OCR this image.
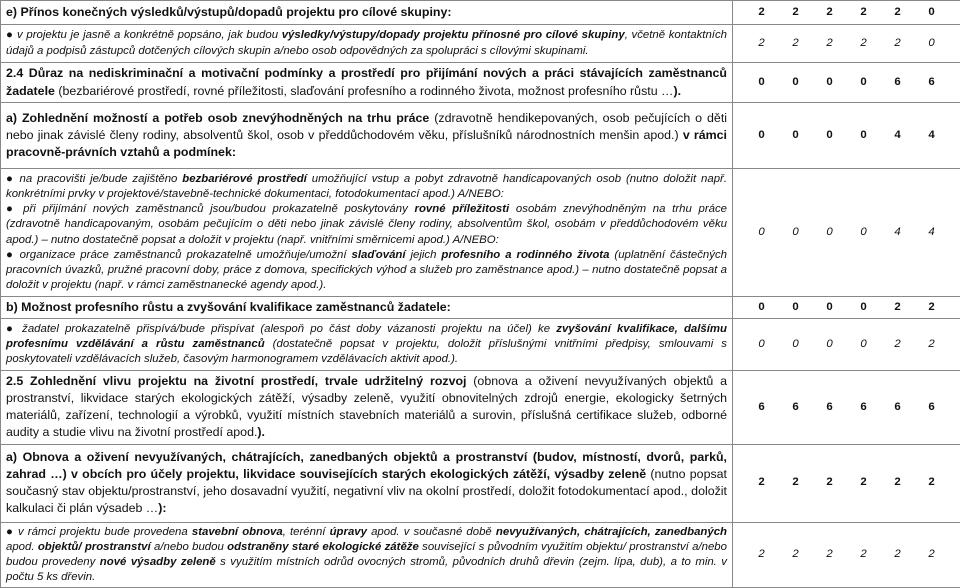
e) Přínos konečných výsledků/výstupů/dopadů projektu pro cílové skupiny:	2 2 2 2 2 0
● v projektu je jasně a konkrétně popsáno, jak budou výsledky/výstupy/dopady projektu přínosné pro cílové skupiny, včetně kontaktních údajů a podpisů zástupců dotčených cílových skupin a/nebo osob odpovědných za spolupráci s cílovými skupinami.	2 2 2 2 2 0
2.4 Důraz na nediskriminační a motivační podmínky a prostředí pro přijímání nových a práci stávajících zaměstnanců žadatele (bezbariérové prostředí, rovné příležitosti, slaďování profesního a rodinného života, možnost profesního růstu …).	0 0 0 0 6 6
a) Zohlednění možností a potřeb osob znevýhodněných na trhu práce (zdravotně hendikepovaných, osob pečujících o děti nebo jinak závislé členy rodiny, absolventů škol, osob v předdůchodovém věku, příslušníků národnostních menšin apod.) v rámci pracovně-právních vztahů a podmínek:	0 0 0 0 4 4
● na pracovišti je/bude zajištěno bezbariérové prostředí umožňující vstup a pobyt zdravotně handicapovaných osob (nutno doložit např. konkrétními prvky v projektové/stavebně-technické dokumentaci, fotodokumentací apod.) A/NEBO:
● při přijímání nových zaměstnanců jsou/budou prokazatelně poskytovány rovné příležitosti osobám znevýhodněným na trhu práce (zdravotně handicapovaným, osobám pečujícím o děti nebo jinak závislé členy rodiny, absolventům škol, osobám v předdůchodovém věku apod.) – nutno dostatečně popsat a doložit v projektu (např. vnitřními směrnicemi apod.) A/NEBO:
● organizace práce zaměstnanců prokazatelně umožňuje/umožní slaďování jejich profesního a rodinného života (uplatnění částečných pracovních úvazků, pružné pracovní doby, práce z domova, specifických výhod a služeb pro zaměstnance apod.) – nutno dostatečně popsat a doložit v projektu (např. v rámci zaměstnanecké agendy apod.).	0 0 0 0 4 4
b) Možnost profesního růstu a zvyšování kvalifikace zaměstnanců žadatele:	0 0 0 0 2 2
● žadatel prokazatelně přispívá/bude přispívat (alespoň po část doby vázanosti projektu na účel) ke zvyšování kvalifikace, dalšímu profesnímu vzdělávání a růstu zaměstnanců (dostatečně popsat v projektu, doložit příslušnými vnitřními předpisy, smlouvami s poskytovateli vzdělávacích služeb, časovým harmonogramem vzdělávacích aktivit apod.).	0 0 0 0 2 2
2.5 Zohlednění vlivu projektu na životní prostředí, trvale udržitelný rozvoj (obnova a oživení nevyužívaných objektů a prostranství, likvidace starých ekologických zátěží, výsadby zeleně, využití obnovitelných zdrojů energie, ekologicky šetrných materiálů, zařízení, technologií a výrobků, využití místních stavebních materiálů a surovin, příslušná certifikace služeb, odborné audity a studie vlivu na životní prostředí apod.).	6 6 6 6 6 6
a) Obnova a oživení nevyužívaných, chátrajících, zanedbaných objektů a prostranství (budov, místností, dvorů, parků, zahrad …) v obcích pro účely projektu, likvidace souvisejících starých ekologických zátěží, výsadby zeleně (nutno popsat současný stav objektu/prostranství, jeho dosavadní využití, negativní vliv na okolní prostředí, doložit fotodokumentací apod., doložit kalkulaci či plán výsadeb …):	2 2 2 2 2 2
● v rámci projektu bude provedena stavební obnova, terénní úpravy apod. v současné době nevyužívaných, chátrajících, zanedbaných apod. objektů/ prostranství a/nebo budou odstraněny staré ekologické zátěže související s původním využitím objektu/ prostranství a/nebo budou provedeny nové výsadby zeleně s využitím místních odrůd ovocných stromů, původních druhů dřevin (zejm. lípa, dub), a to min. v počtu 5 ks dřevin.	2 2 2 2 2 2
